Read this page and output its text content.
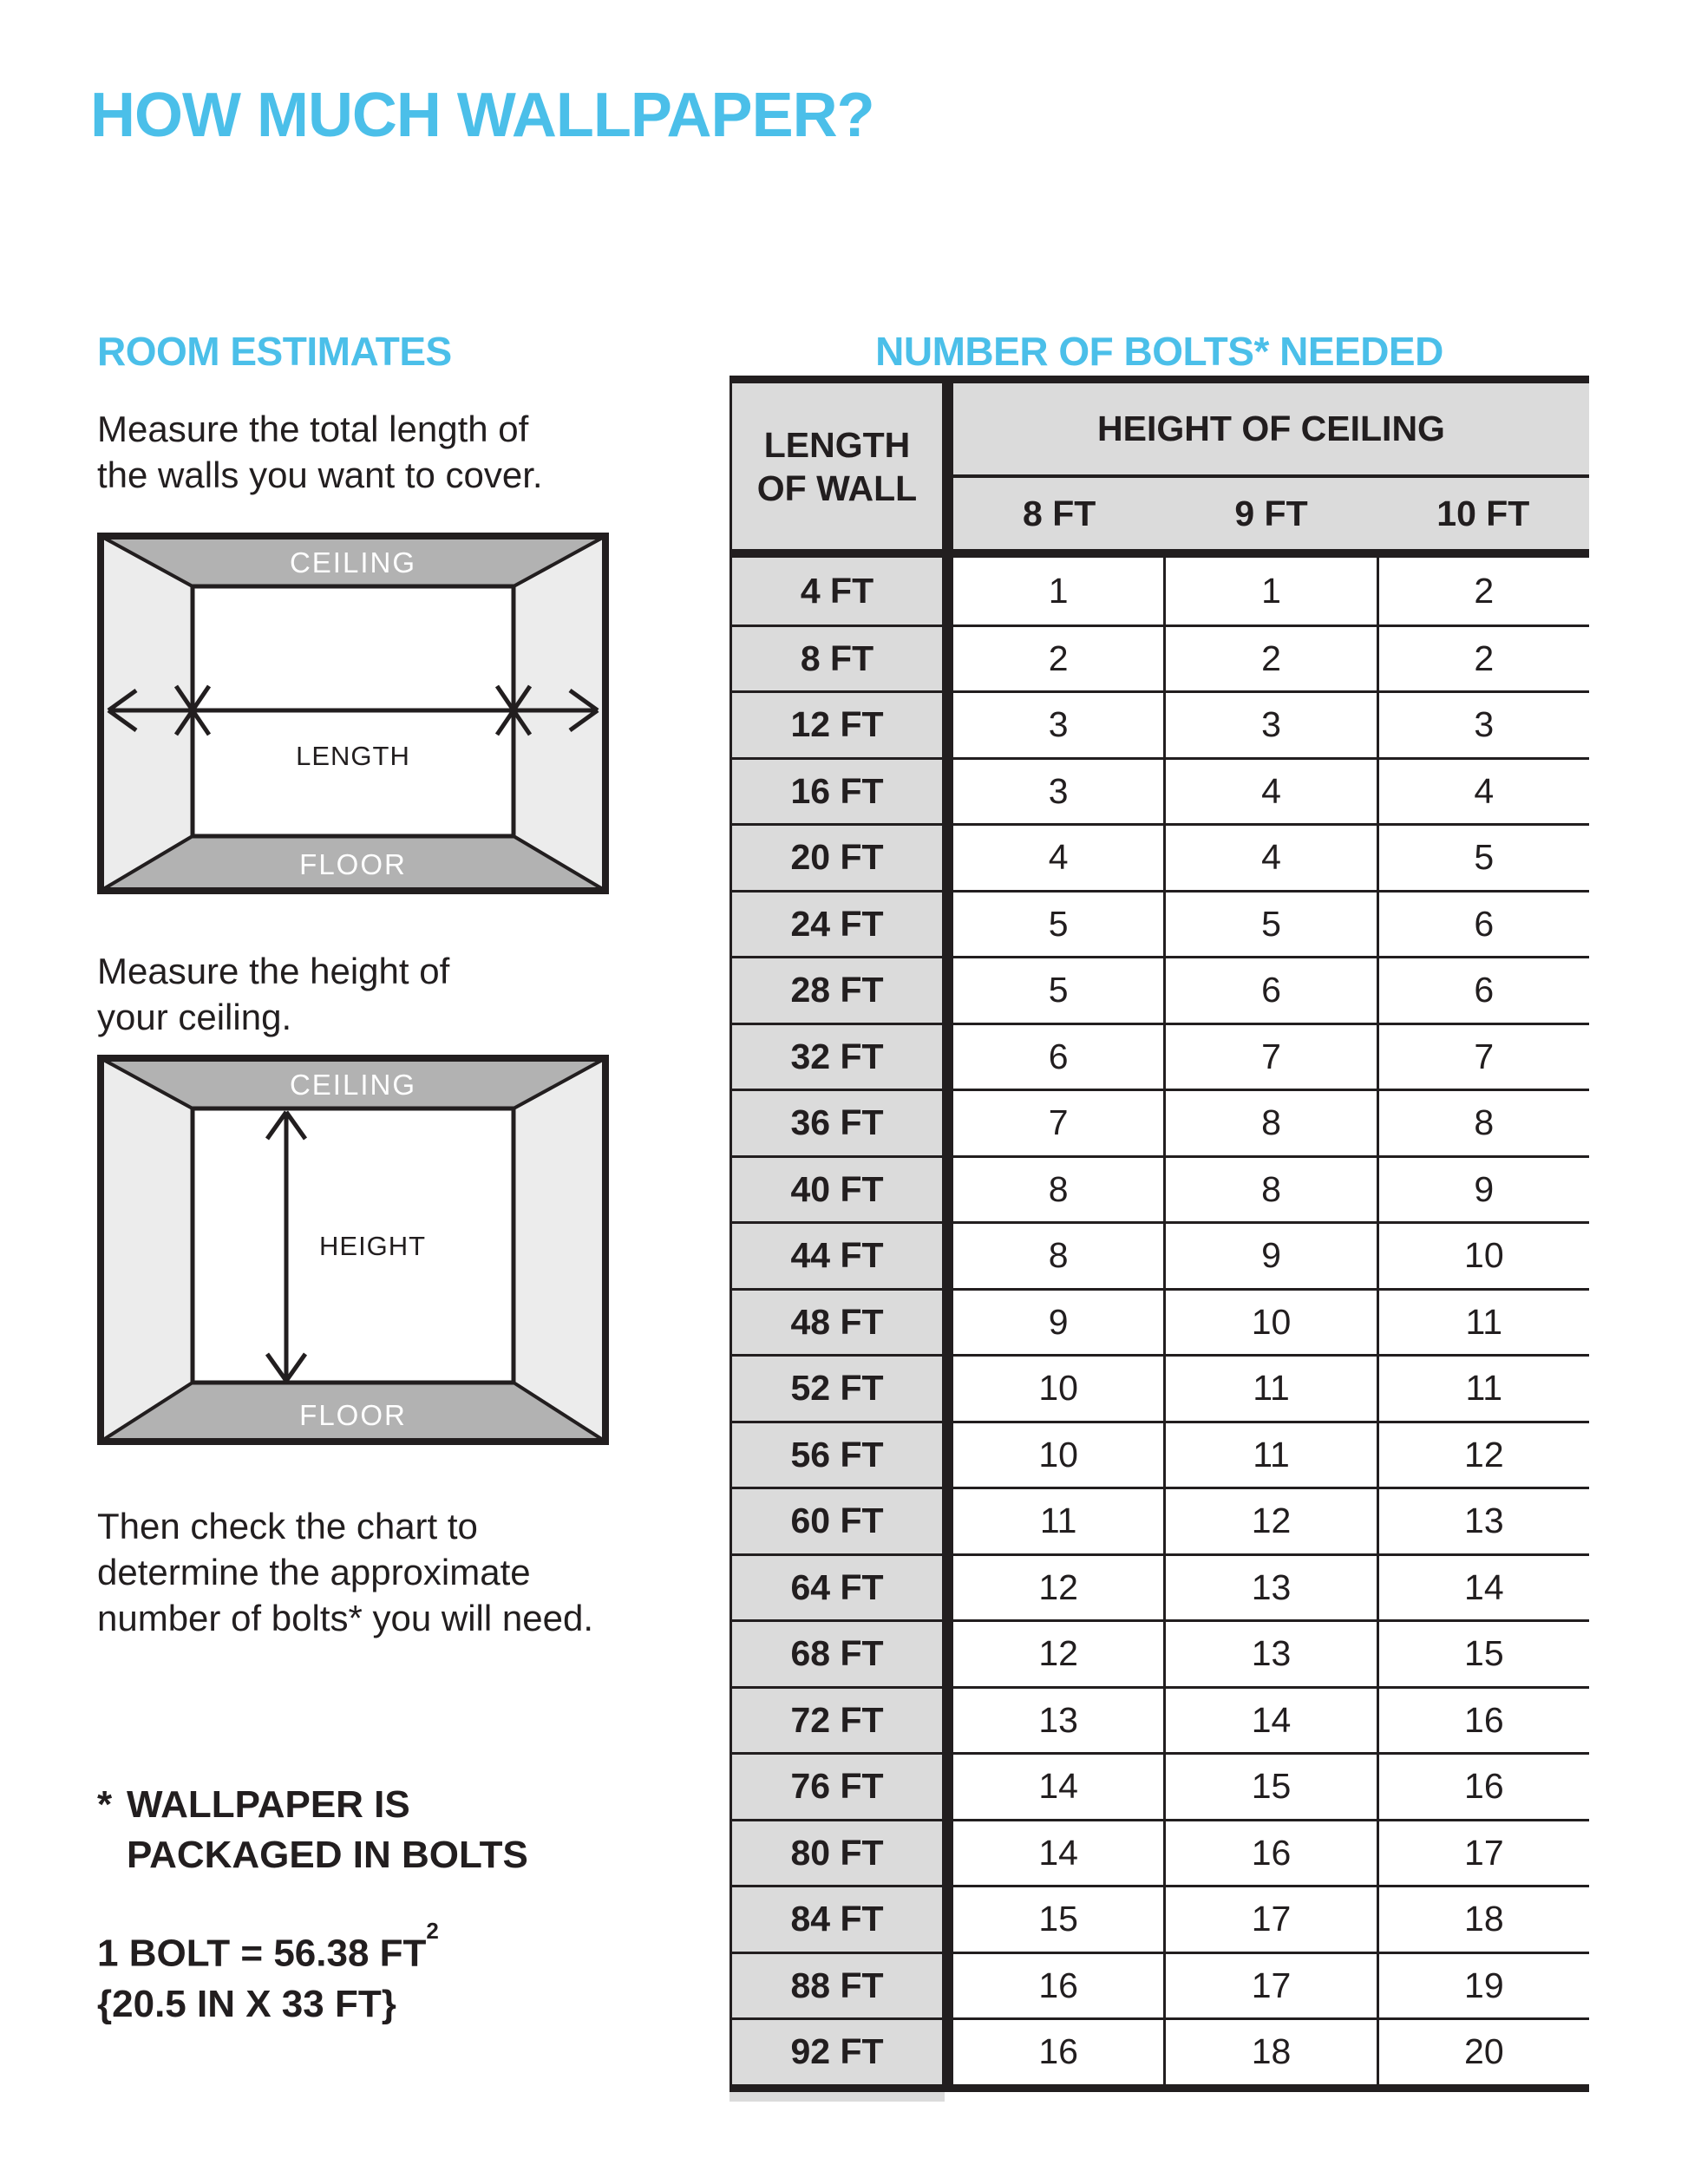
HOW MUCH WALLPAPER?
ROOM ESTIMATES	NUMBER OF BOLTS* NEEDED
Measure the total length of
the walls you want to cover.
CEILING
FLOOR
LENGTH
Measure the height of
your ceiling.
CEILING
FLOOR
HEIGHT
Then check the chart to
determine the approximate
number of bolts* you will need.
* WALLPAPER IS
PACKAGED IN BOLTS
1 BOLT = 56.38 $FT^2$
{20.5 IN X 33 FT}
LENGTH
OF WALL
HEIGHT OF CEILING
8 FT	9 FT	10 FT
4 FT	1	1	2
8 FT	2	2	2
12 FT	3	3	3
16 FT	3	4	4
20 FT	4	4	5
24 FT	5	5	6
28 FT	5	6	6
32 FT	6	7	7
36 FT	7	8	8
40 FT	8	8	9
44 FT	8	9	10
48 FT	9	10	11
52 FT	10	11	11
56 FT	10	11	12
60 FT	11	12	13
64 FT	12	13	14
68 FT	12	13	15
72 FT	13	14	16
76 FT	14	15	16
80 FT	14	16	17
84 FT	15	17	18
88 FT	16	17	19
92 FT	16	18	20
